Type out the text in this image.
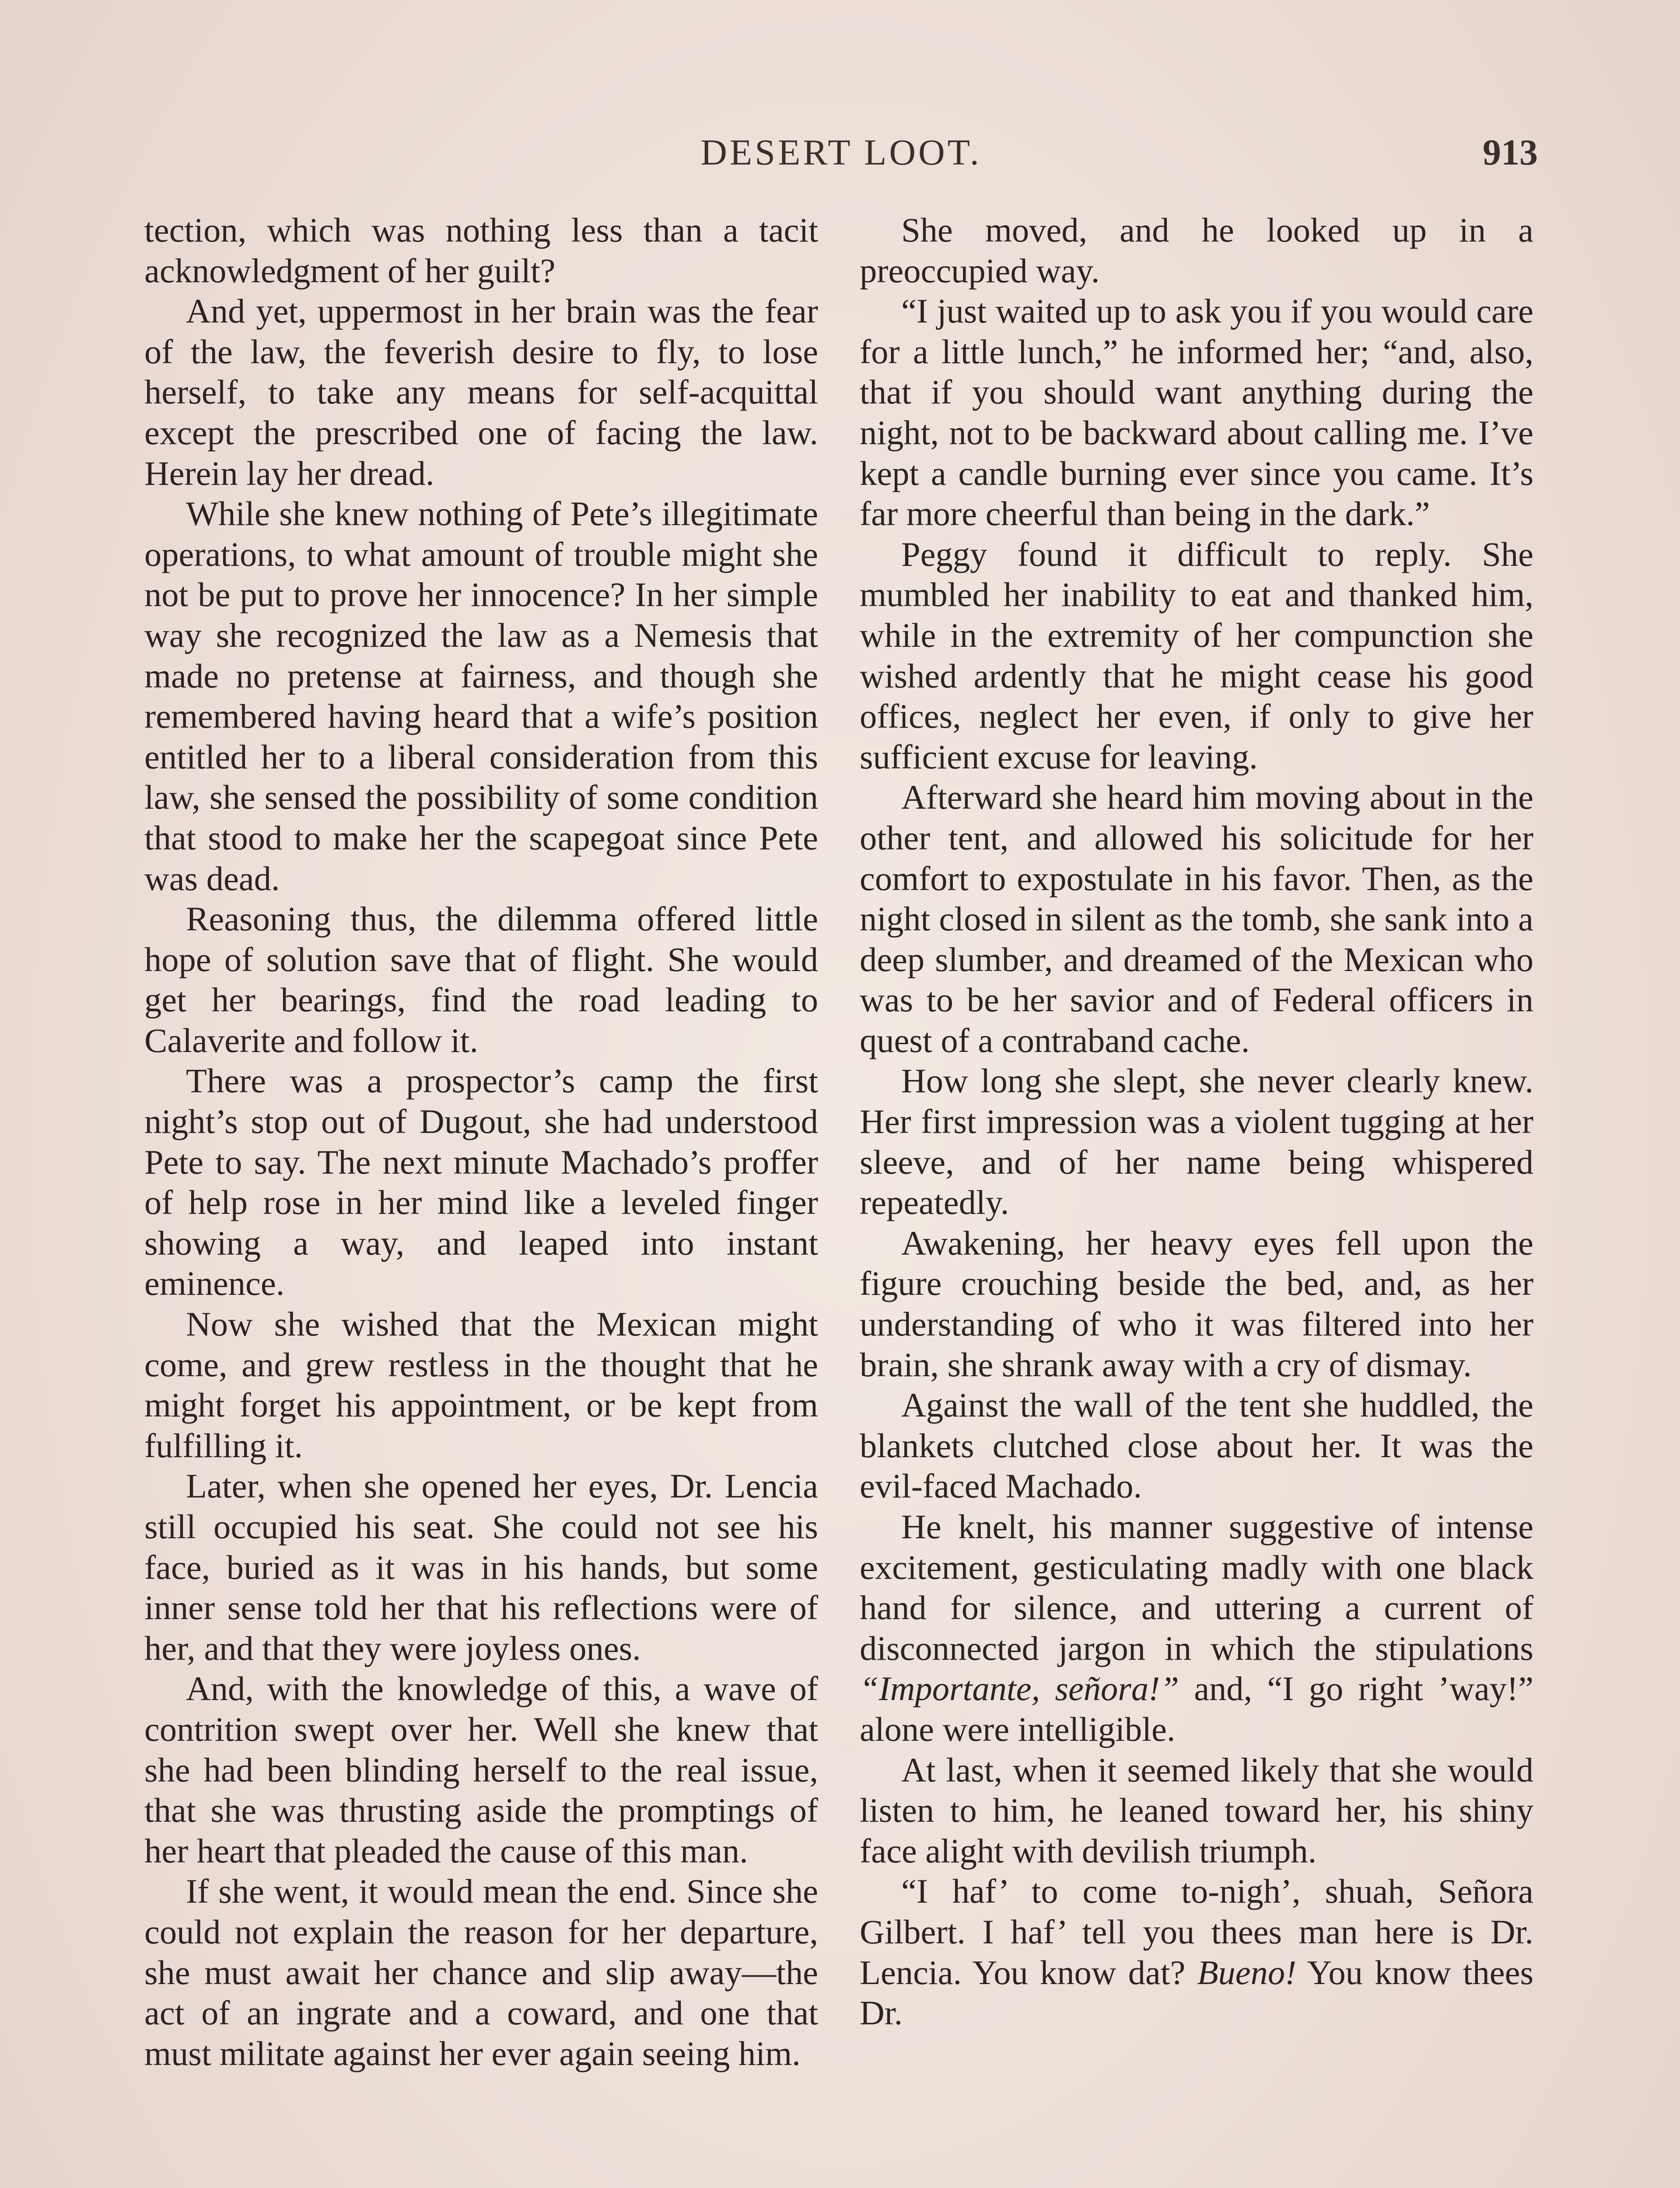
DESERT LOOT.	913

tection, which was nothing less than a tacit acknowledgment of her guilt?

And yet, uppermost in her brain was the fear of the law, the feverish desire to fly, to lose herself, to take any means for self-acquittal except the prescribed one of facing the law. Herein lay her dread.

While she knew nothing of Pete’s illegitimate operations, to what amount of trouble might she not be put to prove her innocence? In her simple way she recognized the law as a Nemesis that made no pretense at fairness, and though she remembered having heard that a wife’s position entitled her to a liberal consideration from this law, she sensed the possibility of some condition that stood to make her the scapegoat since Pete was dead.

Reasoning thus, the dilemma offered little hope of solution save that of flight. She would get her bearings, find the road leading to Calaverite and follow it.

There was a prospector’s camp the first night’s stop out of Dugout, she had understood Pete to say. The next minute Machado’s proffer of help rose in her mind like a leveled finger showing a way, and leaped into instant eminence.

Now she wished that the Mexican might come, and grew restless in the thought that he might forget his appointment, or be kept from fulfilling it.

Later, when she opened her eyes, Dr. Lencia still occupied his seat. She could not see his face, buried as it was in his hands, but some inner sense told her that his reflections were of her, and that they were joyless ones.

And, with the knowledge of this, a wave of contrition swept over her. Well she knew that she had been blinding herself to the real issue, that she was thrusting aside the promptings of her heart that pleaded the cause of this man.

If she went, it would mean the end. Since she could not explain the reason for her departure, she must await her chance and slip away—the act of an ingrate and a coward, and one that must militate against her ever again seeing him.

She moved, and he looked up in a preoccupied way.

“I just waited up to ask you if you would care for a little lunch,” he informed her; “and, also, that if you should want anything during the night, not to be backward about calling me. I’ve kept a candle burning ever since you came. It’s far more cheerful than being in the dark.”

Peggy found it difficult to reply. She mumbled her inability to eat and thanked him, while in the extremity of her compunction she wished ardently that he might cease his good offices, neglect her even, if only to give her sufficient excuse for leaving.

Afterward she heard him moving about in the other tent, and allowed his solicitude for her comfort to expostulate in his favor. Then, as the night closed in silent as the tomb, she sank into a deep slumber, and dreamed of the Mexican who was to be her savior and of Federal officers in quest of a contraband cache.

How long she slept, she never clearly knew. Her first impression was a violent tugging at her sleeve, and of her name being whispered repeatedly.

Awakening, her heavy eyes fell upon the figure crouching beside the bed, and, as her understanding of who it was filtered into her brain, she shrank away with a cry of dismay.

Against the wall of the tent she huddled, the blankets clutched close about her. It was the evil-faced Machado.

He knelt, his manner suggestive of intense excitement, gesticulating madly with one black hand for silence, and uttering a current of disconnected jargon in which the stipulations “Importante, señora!” and, “I go right ’way!” alone were intelligible.

At last, when it seemed likely that she would listen to him, he leaned toward her, his shiny face alight with devilish triumph.

“I haf’ to come to-nigh’, shuah, Señora Gilbert. I haf’ tell you thees man here is Dr. Lencia. You know dat? Bueno! You know thees Dr.
